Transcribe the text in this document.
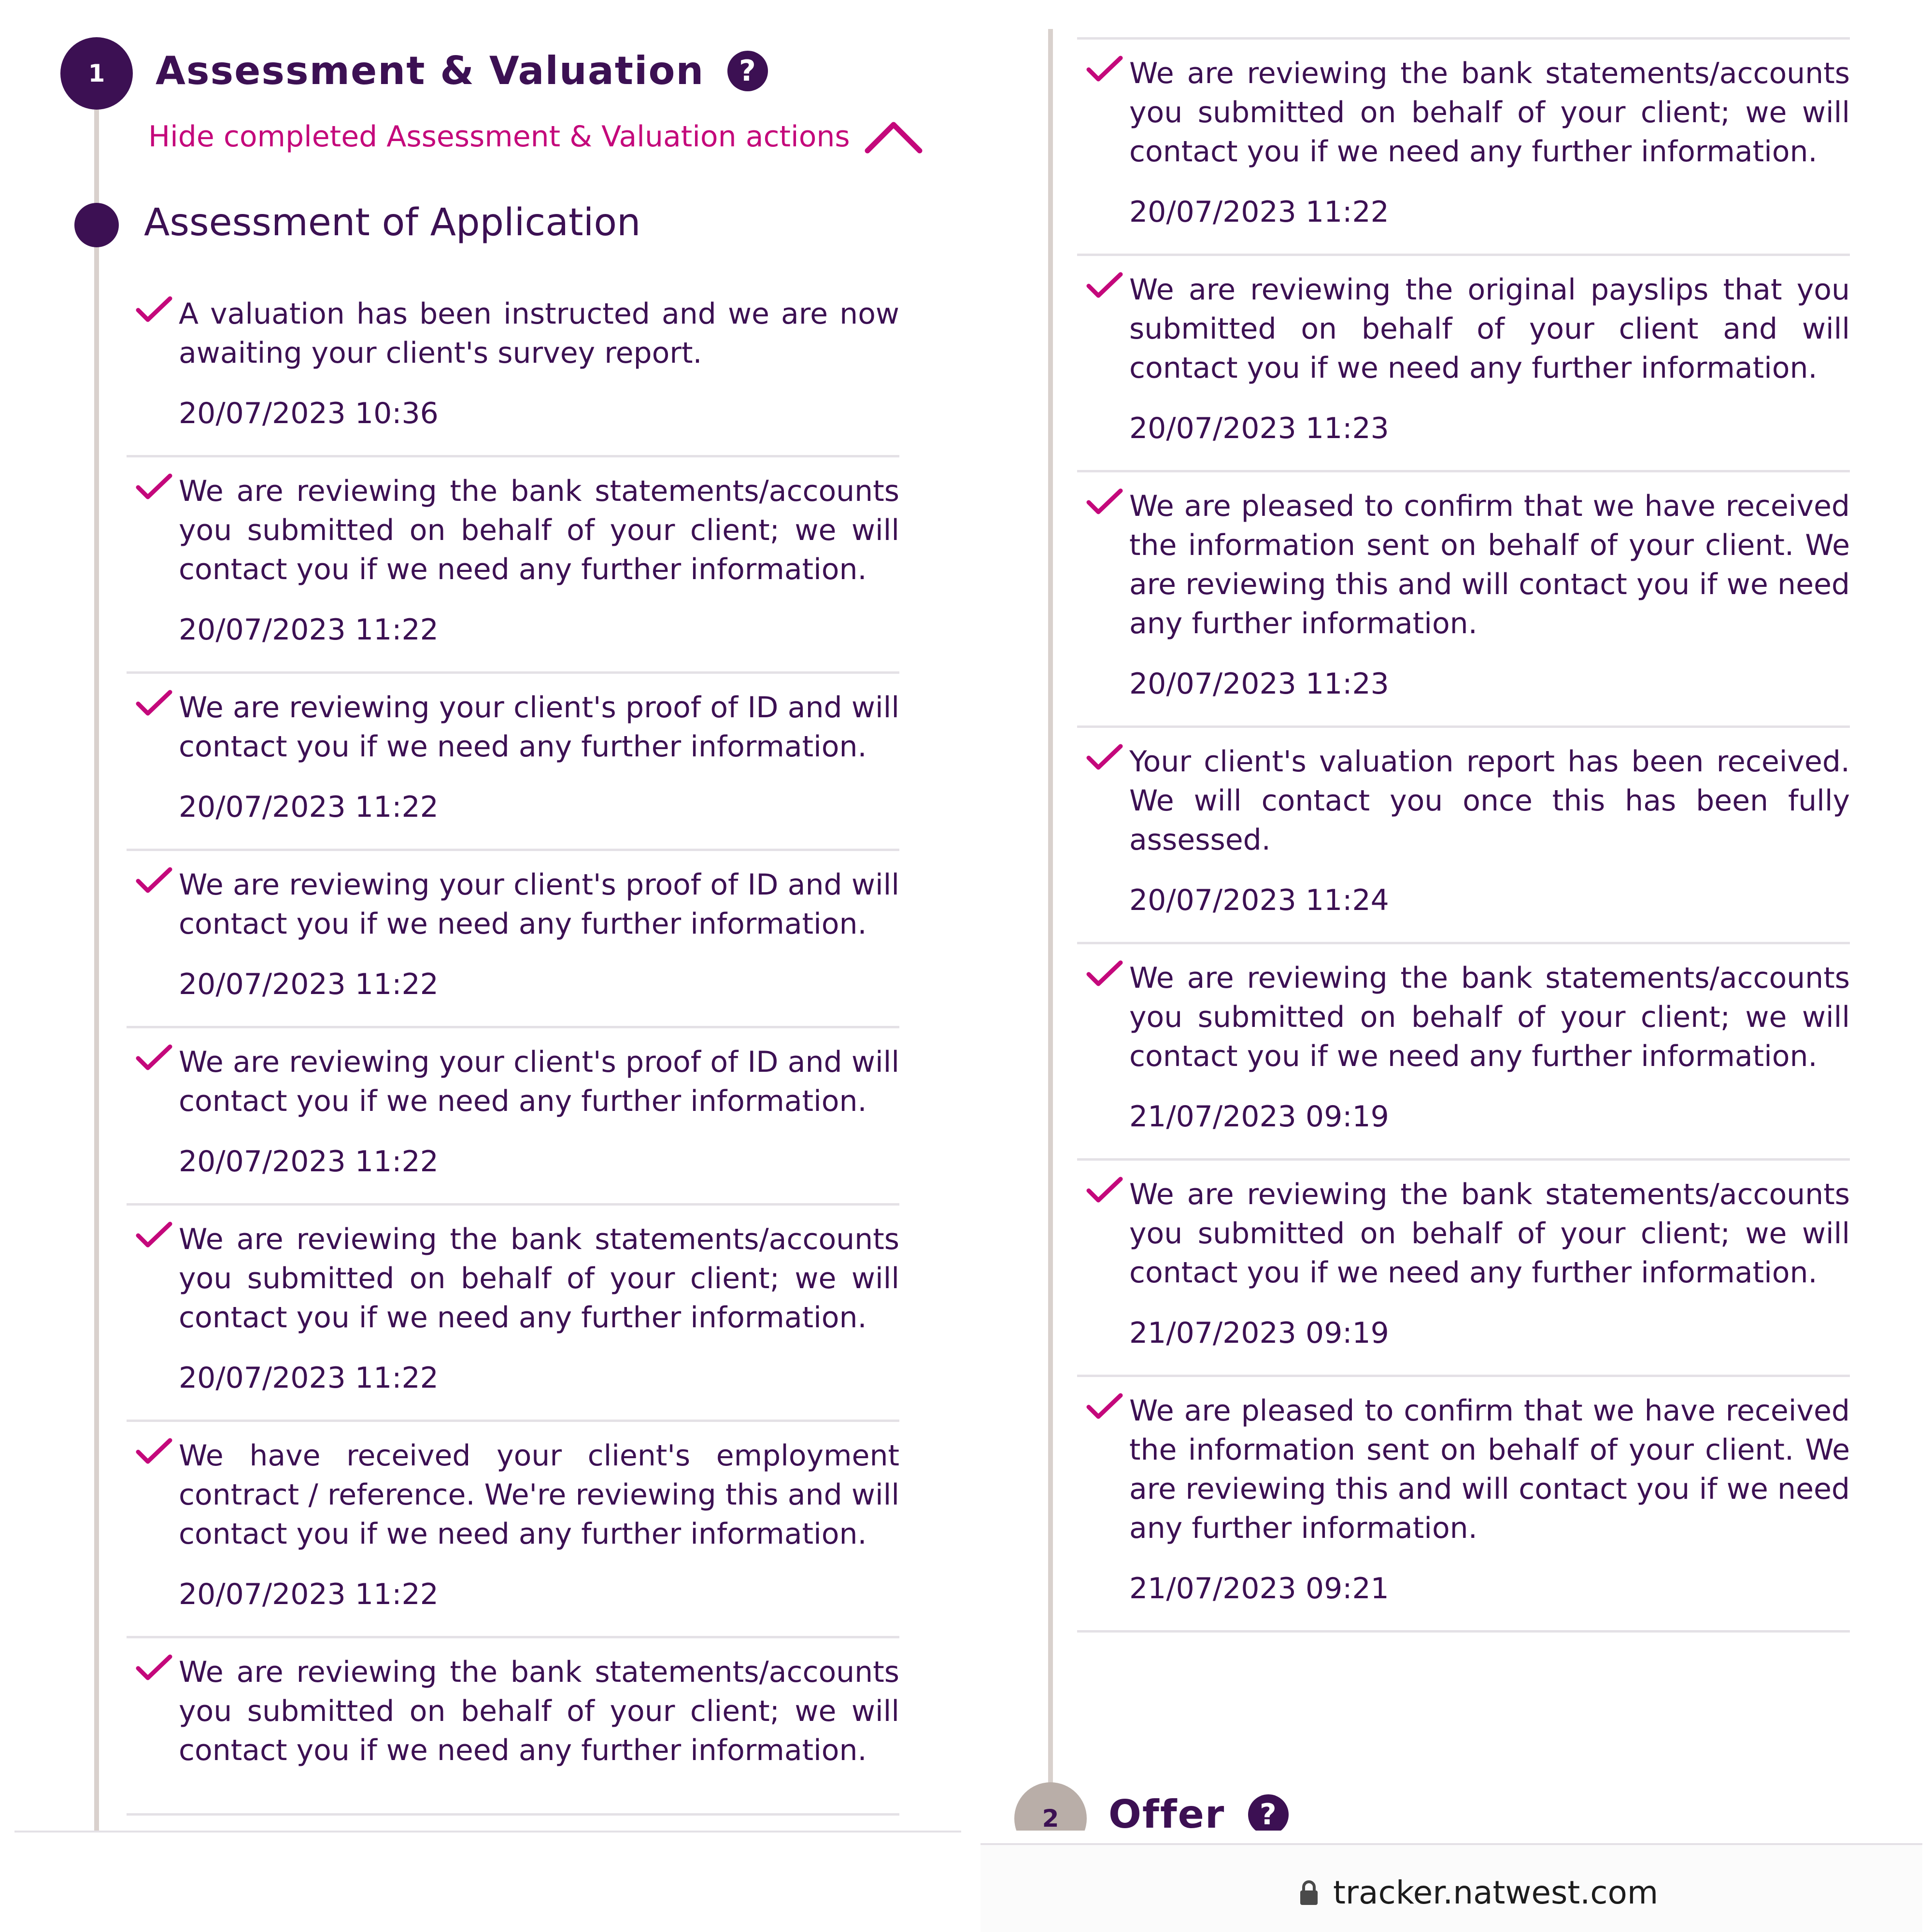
1	Assessment & Valuation	?
Hide completed Assessment & Valuation actions
Assessment of Application
A valuation has been instructed and we are now awaiting your client's survey report.
20/07/2023 10:36
We are reviewing the bank statements/accounts you submitted on behalf of your client; we will contact you if we need any further information.
20/07/2023 11:22
We are reviewing your client's proof of ID and will contact you if we need any further information.
20/07/2023 11:22
We are reviewing your client's proof of ID and will contact you if we need any further information.
20/07/2023 11:22
We are reviewing your client's proof of ID and will contact you if we need any further information.
20/07/2023 11:22
We are reviewing the bank statements/accounts you submitted on behalf of your client; we will contact you if we need any further information.
20/07/2023 11:22
We have received your client's employment contract / reference. We're reviewing this and will contact you if we need any further information.
20/07/2023 11:22
We are reviewing the bank statements/accounts you submitted on behalf of your client; we will contact you if we need any further information.
We are reviewing the bank statements/accounts you submitted on behalf of your client; we will contact you if we need any further information.
20/07/2023 11:22
We are reviewing the original payslips that you submitted on behalf of your client and will contact you if we need any further information.
20/07/2023 11:23
We are pleased to confirm that we have received the information sent on behalf of your client. We are reviewing this and will contact you if we need any further information.
20/07/2023 11:23
Your client's valuation report has been received. We will contact you once this has been fully assessed.
20/07/2023 11:24
We are reviewing the bank statements/accounts you submitted on behalf of your client; we will contact you if we need any further information.
21/07/2023 09:19
We are reviewing the bank statements/accounts you submitted on behalf of your client; we will contact you if we need any further information.
21/07/2023 09:19
We are pleased to confirm that we have received the information sent on behalf of your client. We are reviewing this and will contact you if we need any further information.
21/07/2023 09:21
2	Offer	?
tracker.natwest.com
